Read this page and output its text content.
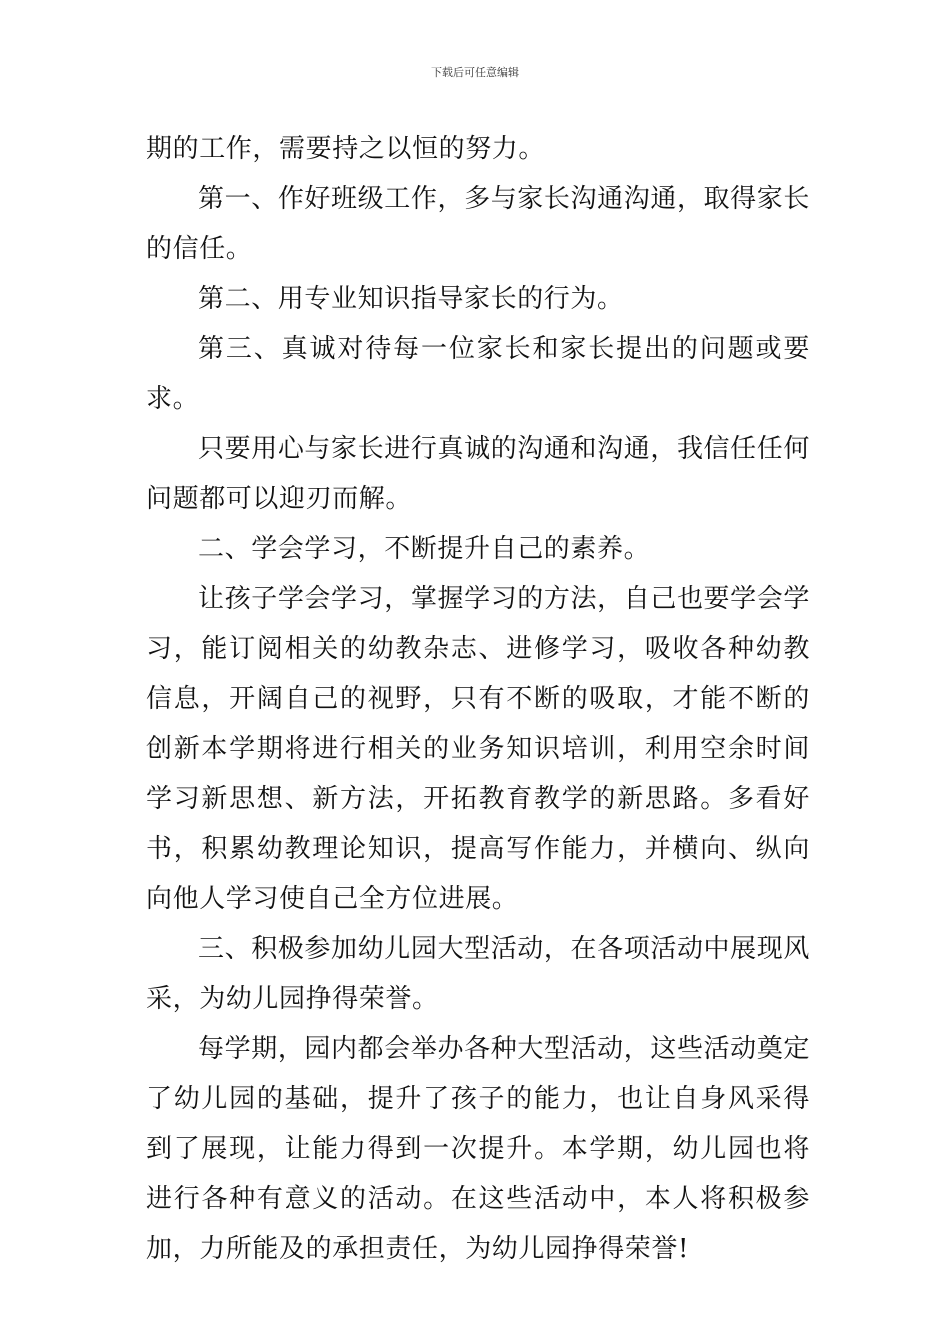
下载后可任意编辑

期的工作，需要持之以恒的努力。

第一、作好班级工作，多与家长沟通沟通，取得家长的信任。

第二、用专业知识指导家长的行为。

第三、真诚对待每一位家长和家长提出的问题或要求。

只要用心与家长进行真诚的沟通和沟通，我信任任何问题都可以迎刃而解。

二、学会学习，不断提升自己的素养。

让孩子学会学习，掌握学习的方法，自己也要学会学习，能订阅相关的幼教杂志、进修学习，吸收各种幼教信息，开阔自己的视野，只有不断的吸取，才能不断的创新本学期将进行相关的业务知识培训，利用空余时间学习新思想、新方法，开拓教育教学的新思路。多看好书，积累幼教理论知识，提高写作能力，并横向、纵向向他人学习使自己全方位进展。

三、积极参加幼儿园大型活动，在各项活动中展现风采，为幼儿园挣得荣誉。

每学期，园内都会举办各种大型活动，这些活动奠定了幼儿园的基础，提升了孩子的能力，也让自身风采得到了展现，让能力得到一次提升。本学期，幼儿园也将进行各种有意义的活动。在这些活动中，本人将积极参加，力所能及的承担责任，为幼儿园挣得荣誉!
